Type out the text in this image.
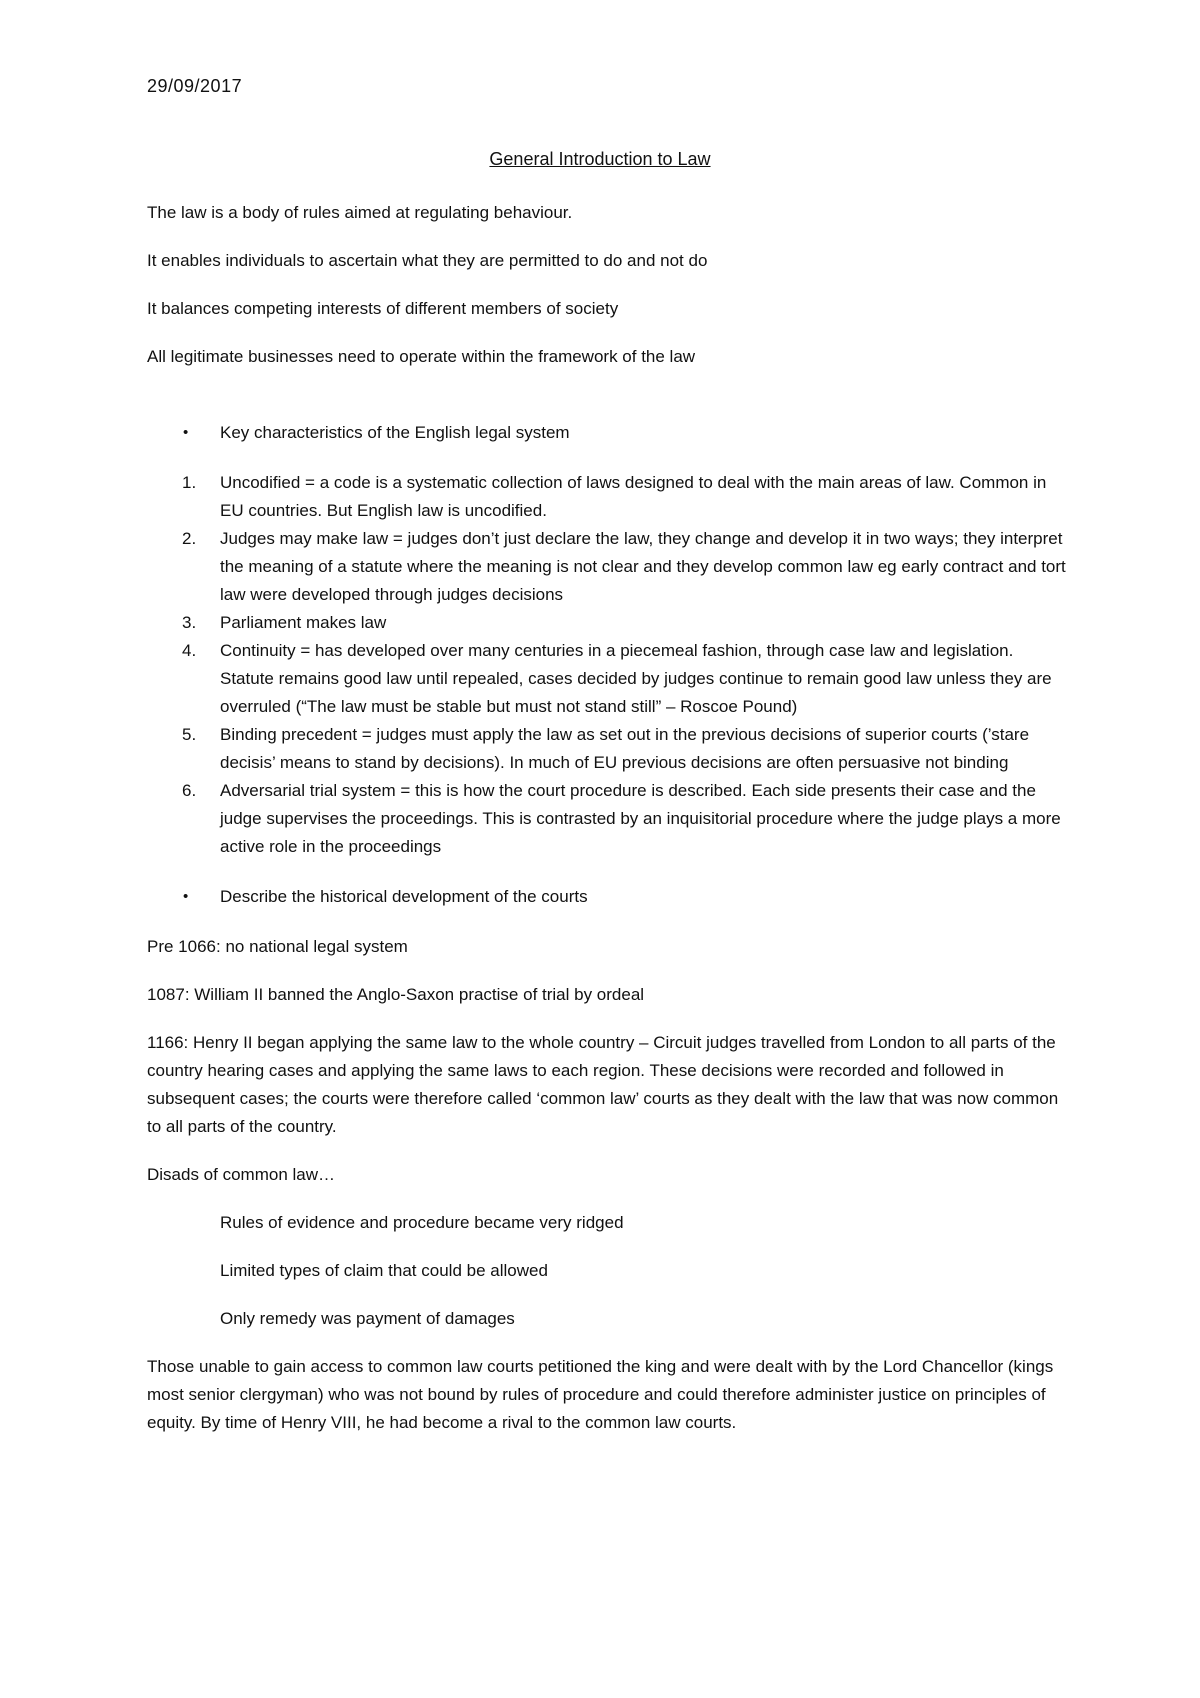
29/09/2017
General Introduction to Law

The law is a body of rules aimed at regulating behaviour.

It enables individuals to ascertain what they are permitted to do and not do

It balances competing interests of different members of society

All legitimate businesses need to operate within the framework of the law

• Key characteristics of the English legal system
1. Uncodified = a code is a systematic collection of laws designed to deal with the main areas of law. Common in EU countries. But English law is uncodified.
2. Judges may make law = judges don’t just declare the law, they change and develop it in two ways; they interpret the meaning of a statute where the meaning is not clear and they develop common law eg early contract and tort law were developed through judges decisions
3. Parliament makes law
4. Continuity = has developed over many centuries in a piecemeal fashion, through case law and legislation. Statute remains good law until repealed, cases decided by judges continue to remain good law unless they are overruled (“The law must be stable but must not stand still” – Roscoe Pound)
5. Binding precedent = judges must apply the law as set out in the previous decisions of superior courts (’stare decisis’ means to stand by decisions). In much of EU previous decisions are often persuasive not binding
6. Adversarial trial system = this is how the court procedure is described. Each side presents their case and the judge supervises the proceedings. This is contrasted by an inquisitorial procedure where the judge plays a more active role in the proceedings
• Describe the historical development of the courts

Pre 1066: no national legal system

1087: William II banned the Anglo-Saxon practise of trial by ordeal

1166: Henry II began applying the same law to the whole country – Circuit judges travelled from London to all parts of the country hearing cases and applying the same laws to each region. These decisions were recorded and followed in subsequent cases; the courts were therefore called ‘common law’ courts as they dealt with the law that was now common to all parts of the country.

Disads of common law…

Rules of evidence and procedure became very ridged

Limited types of claim that could be allowed

Only remedy was payment of damages

Those unable to gain access to common law courts petitioned the king and were dealt with by the Lord Chancellor (kings most senior clergyman) who was not bound by rules of procedure and could therefore administer justice on principles of equity. By time of Henry VIII, he had become a rival to the common law courts.
